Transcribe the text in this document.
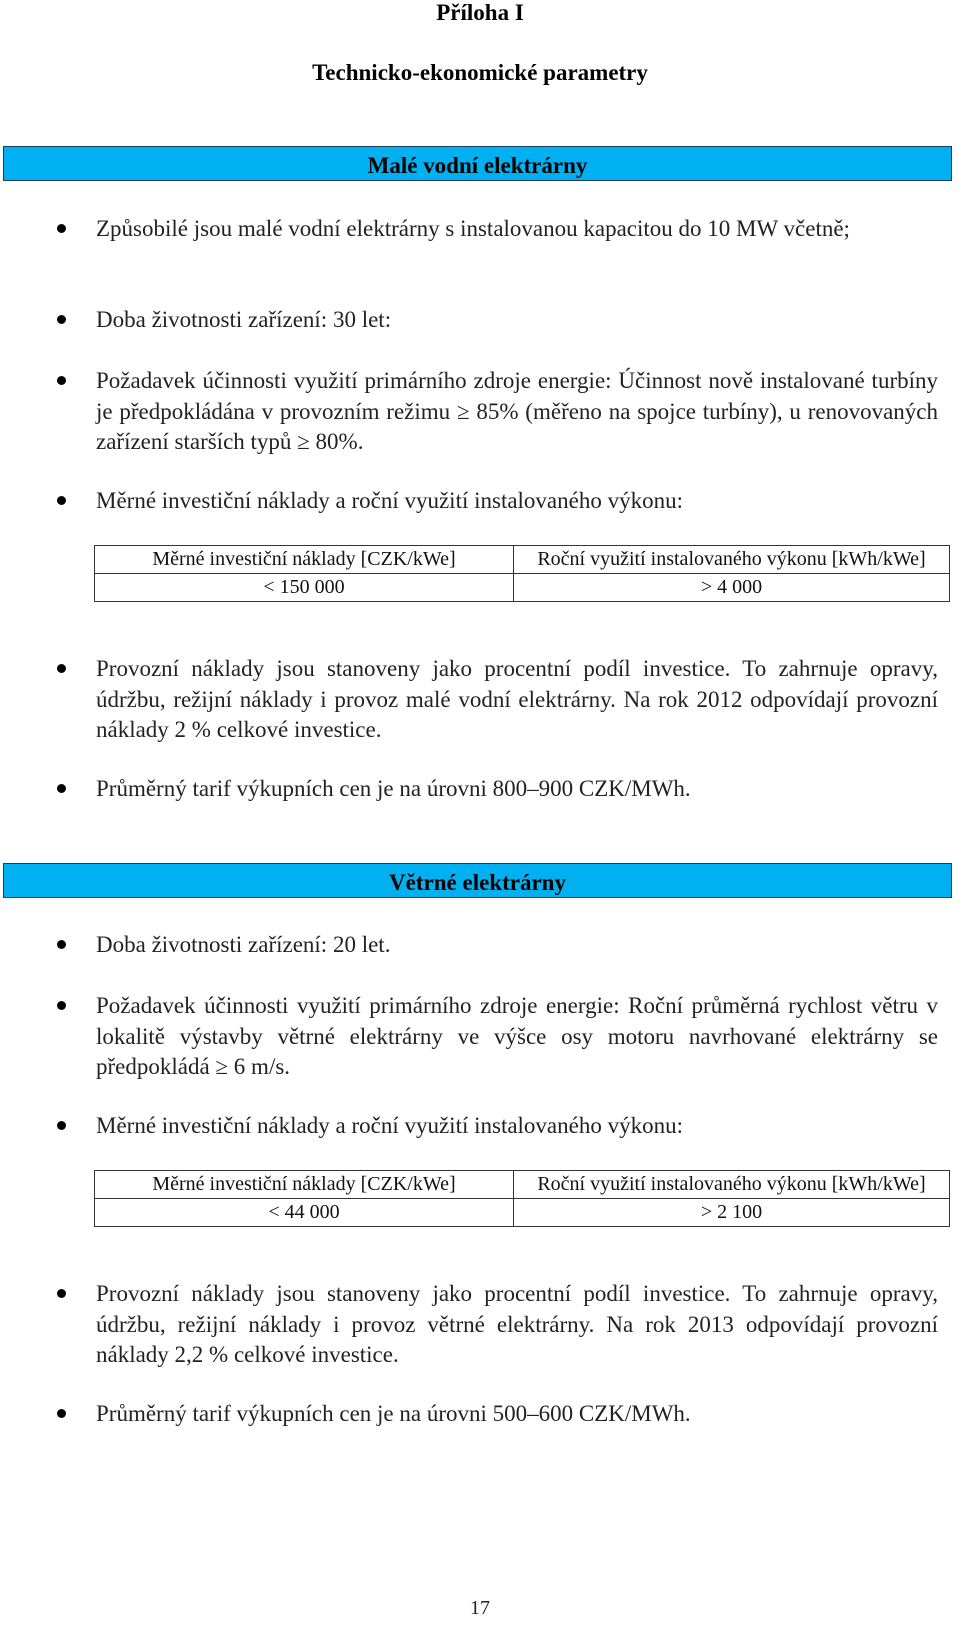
Příloha I
Technicko-ekonomické parametry
Malé vodní elektrárny
Způsobilé jsou malé vodní elektrárny s instalovanou kapacitou do 10 MW včetně;
Doba životnosti zařízení: 30 let:
Požadavek účinnosti využití primárního zdroje energie: Účinnost nově instalované turbíny je předpokládána v provozním režimu ≥ 85% (měřeno na spojce turbíny), u renovovaných zařízení starších typů ≥ 80%.
Měrné investiční náklady a roční využití instalovaného výkonu:
Měrné investiční náklady [CZK/kWe]	Roční využití instalovaného výkonu [kWh/kWe]
< 150 000	> 4 000
Provozní náklady jsou stanoveny jako procentní podíl investice. To zahrnuje opravy, údržbu, režijní náklady i provoz malé vodní elektrárny. Na rok 2012 odpovídají provozní náklady 2 % celkové investice.
Průměrný tarif výkupních cen je na úrovni 800–900 CZK/MWh.
Větrné elektrárny
Doba životnosti zařízení: 20 let.
Požadavek účinnosti využití primárního zdroje energie: Roční průměrná rychlost větru v lokalitě výstavby větrné elektrárny ve výšce osy motoru navrhované elektrárny se předpokládá ≥ 6 m/s.
Měrné investiční náklady a roční využití instalovaného výkonu:
Měrné investiční náklady [CZK/kWe]	Roční využití instalovaného výkonu [kWh/kWe]
< 44 000	> 2 100
Provozní náklady jsou stanoveny jako procentní podíl investice. To zahrnuje opravy, údržbu, režijní náklady i provoz větrné elektrárny. Na rok 2013 odpovídají provozní náklady 2,2 % celkové investice.
Průměrný tarif výkupních cen je na úrovni 500–600 CZK/MWh.
17
